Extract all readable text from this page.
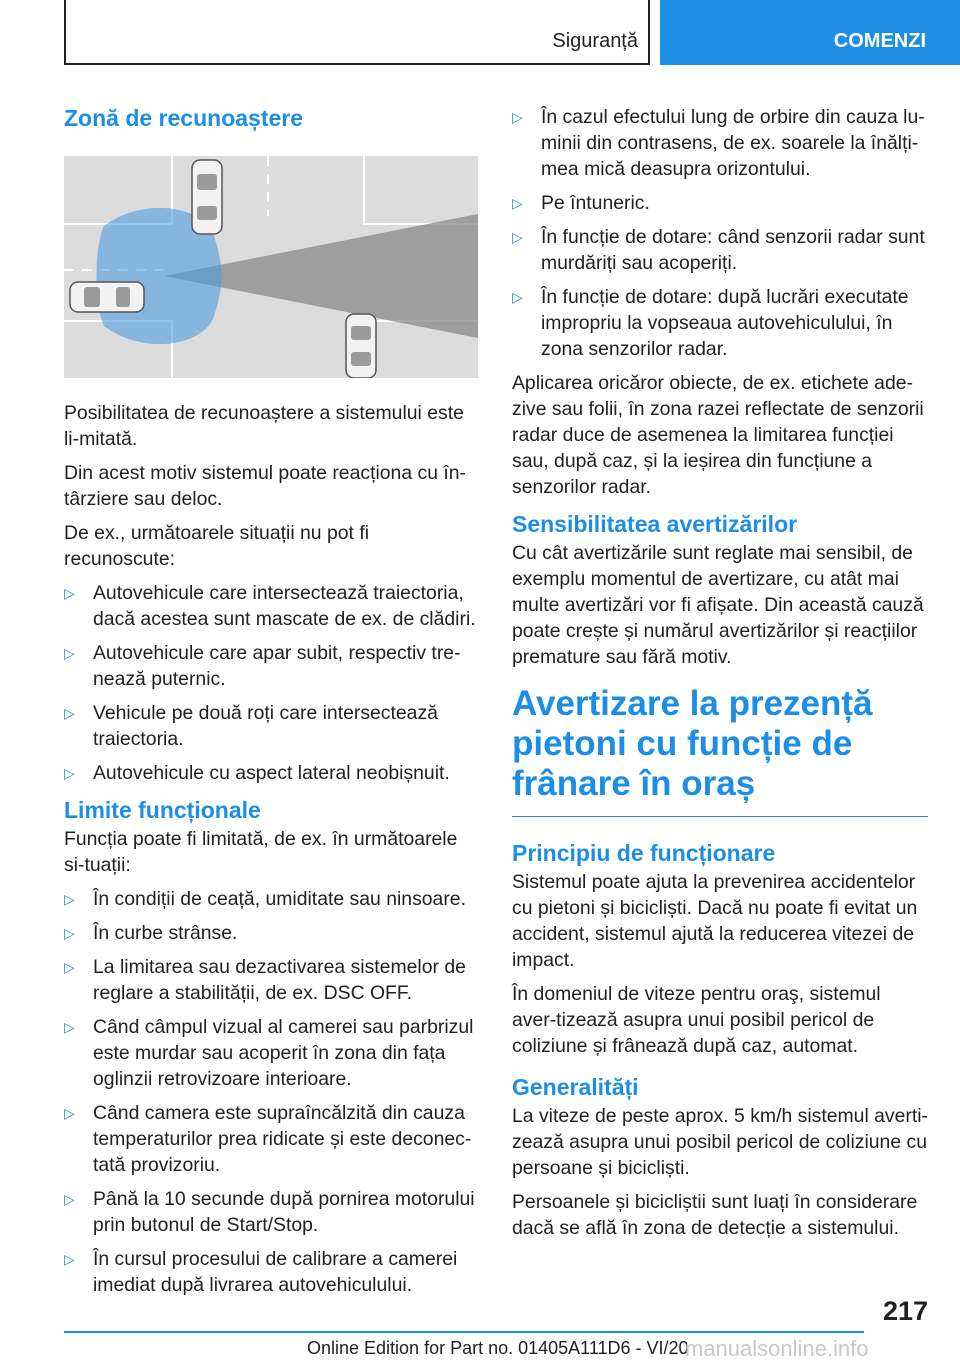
Siguranță	COMENZI
Zonă de recunoaștere

Posibilitatea de recunoaștere a sistemului este li-mitată.

Din acest motiv sistemul poate reacționa cu în-târziere sau deloc.

De ex., următoarele situații nu pot fi recunoscute:

▷ Autovehicule care intersectează traiectoria, dacă acestea sunt mascate de ex. de clădiri.
▷ Autovehicule care apar subit, respectiv tre-nează puternic.
▷ Vehicule pe două roți care intersectează traiectoria.
▷ Autovehicule cu aspect lateral neobișnuit.
Limite funcționale

Funcția poate fi limitată, de ex. în următoarele si-tuații:

▷ În condiții de ceață, umiditate sau ninsoare.
▷ În curbe strânse.
▷ La limitarea sau dezactivarea sistemelor de reglare a stabilității, de ex. DSC OFF.
▷ Când câmpul vizual al camerei sau parbrizul este murdar sau acoperit în zona din fața oglinzii retrovizoare interioare.
▷ Când camera este supraîncălzită din cauza temperaturilor prea ridicate și este deconec-tată provizoriu.
▷ Până la 10 secunde după pornirea motorului prin butonul de Start/Stop.
▷ În cursul procesului de calibrare a camerei imediat după livrarea autovehiculului.
▷ În cazul efectului lung de orbire din cauza lu-minii din contrasens, de ex. soarele la înălți-mea mică deasupra orizontului.
▷ Pe întuneric.
▷ În funcție de dotare: când senzorii radar sunt murdăriți sau acoperiți.
▷ În funcție de dotare: după lucrări executate impropriu la vopseaua autovehiculului, în zona senzorilor radar.

Aplicarea oricăror obiecte, de ex. etichete ade-zive sau folii, în zona razei reflectate de senzorii radar duce de asemenea la limitarea funcției sau, după caz, și la ieșirea din funcțiune a senzorilor radar.

Sensibilitatea avertizărilor

Cu cât avertizările sunt reglate mai sensibil, de exemplu momentul de avertizare, cu atât mai multe avertizări vor fi afișate. Din această cauză poate crește și numărul avertizărilor și reacțiilor premature sau fără motiv.

Avertizare la prezență pietoni cu funcție de frânare în oraș
Principiu de funcționare

Sistemul poate ajuta la prevenirea accidentelor cu pietoni și bicicliști. Dacă nu poate fi evitat un accident, sistemul ajută la reducerea vitezei de impact.

În domeniul de viteze pentru oraş, sistemul aver-tizează asupra unui posibil pericol de coliziune și frânează după caz, automat.

Generalități

La viteze de peste aprox. 5 km/h sistemul averti-zează asupra unui posibil pericol de coliziune cu persoane și bicicliști.

Persoanele și bicicliștii sunt luați în considerare dacă se află în zona de detecție a sistemului.

217
Online Edition for Part no. 01405A111D6 - VI/20
manualsonline.info
